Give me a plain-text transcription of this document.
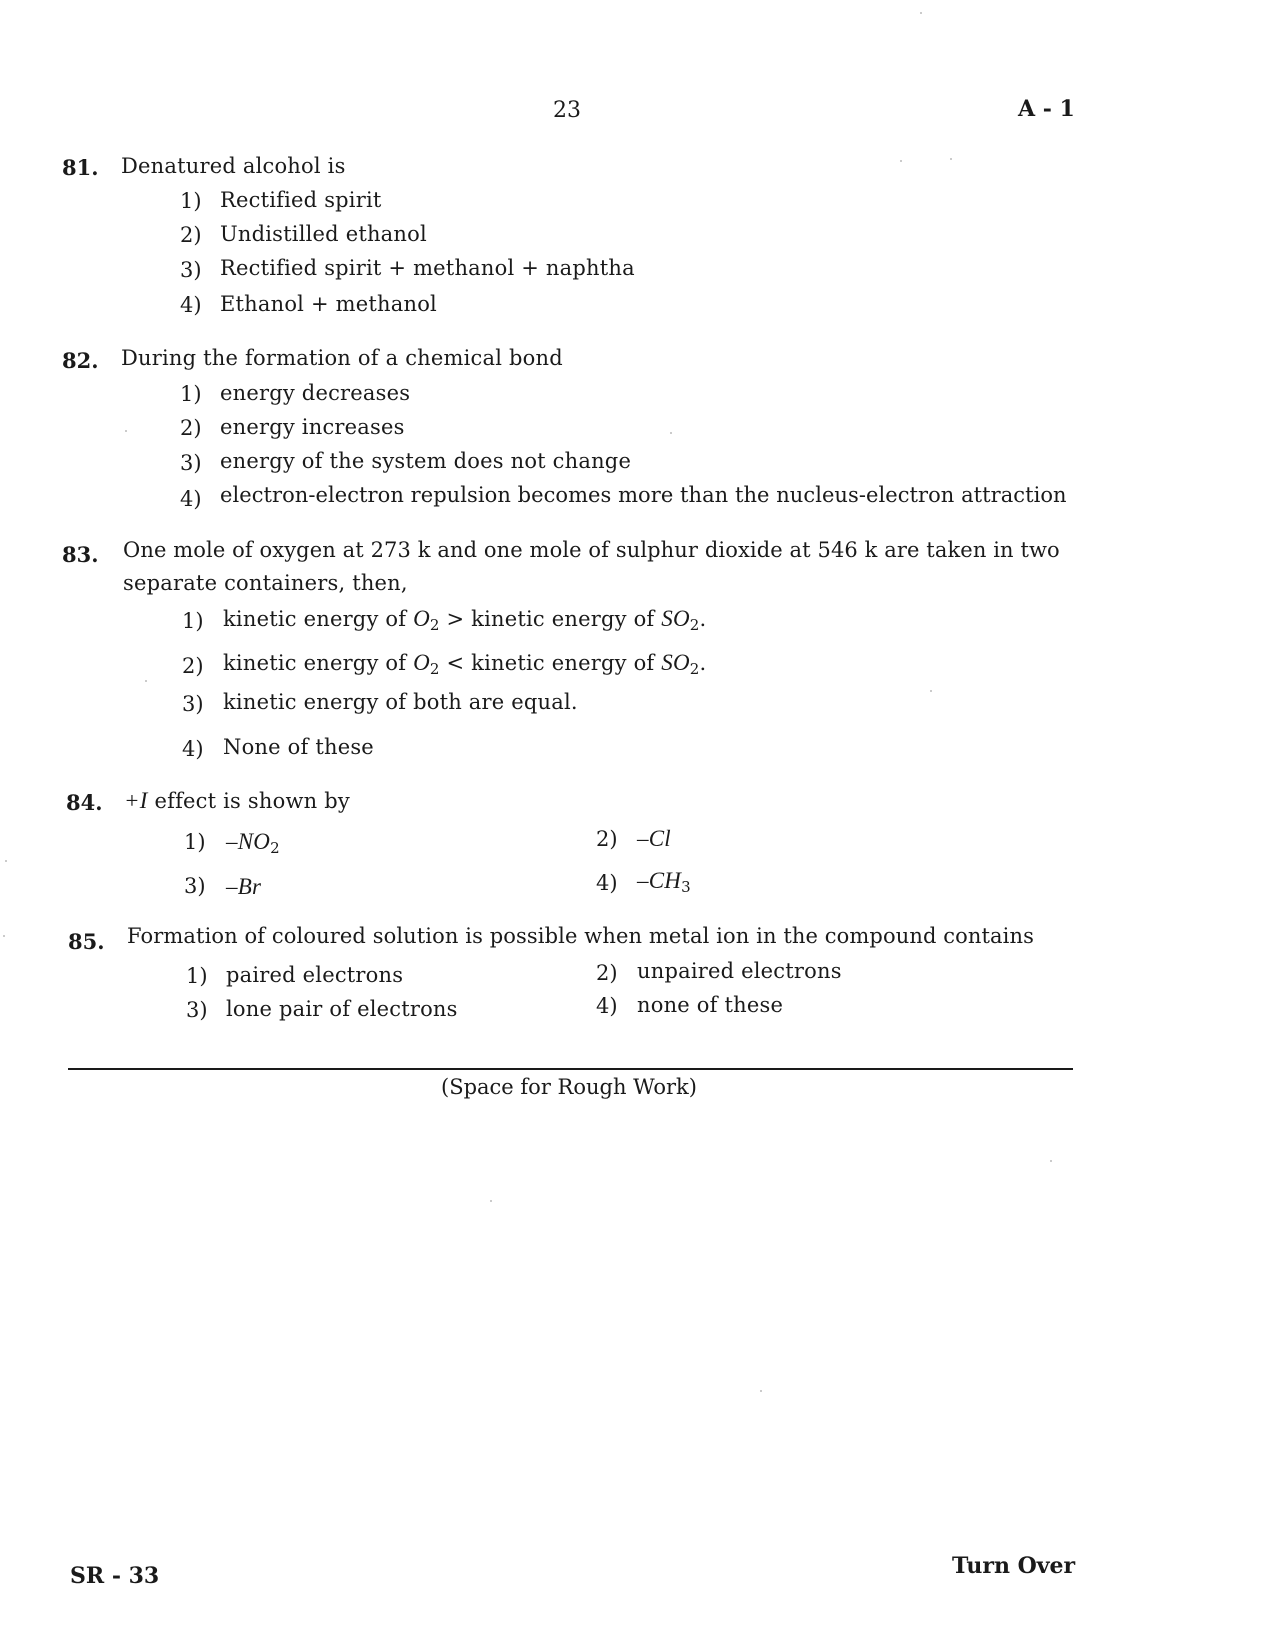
23	A - 1
81. Denatured alcohol is
1) Rectified spirit
2) Undistilled ethanol
3) Rectified spirit + methanol + naphtha
4) Ethanol + methanol
82. During the formation of a chemical bond
1) energy decreases
2) energy increases
3) energy of the system does not change
4) electron-electron repulsion becomes more than the nucleus-electron attraction
83. One mole of oxygen at 273 k and one mole of sulphur dioxide at 546 k are taken in two
separate containers, then,
1) kinetic energy of $O_2$ > kinetic energy of $SO_2$.
2) kinetic energy of $O_2$ < kinetic energy of $SO_2$.
3) kinetic energy of both are equal.
4) None of these
84. +I effect is shown by
1) $-NO_2$	2) –Cl
3) –Br	4) $-CH_3$
85. Formation of coloured solution is possible when metal ion in the compound contains
1) paired electrons	2) unpaired electrons
3) lone pair of electrons	4) none of these
(Space for Rough Work)
SR - 33	Turn Over
